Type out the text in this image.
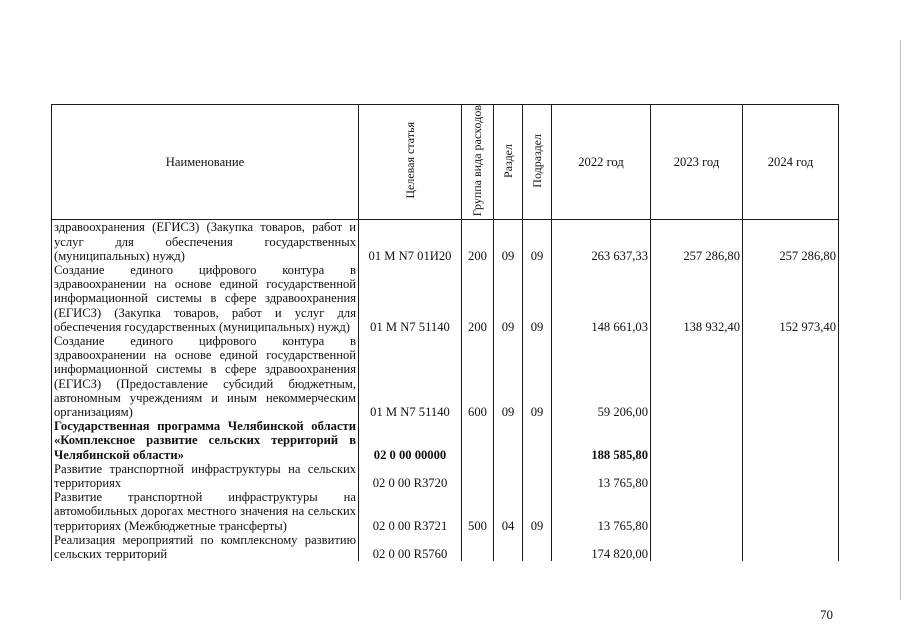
Наименование	Целевая статья	Группа вида расходов	Раздел	Подраздел	2022 год	2023 год	2024 год
здравоохранения (ЕГИСЗ) (Закупка товаров, работ и услуг для обеспечения государственных (муниципальных) нужд)	01 М N7 01И20	200	09	09	263 637,33	257 286,80	257 286,80
Создание единого цифрового контура в здравоохранении на основе единой государственной информационной системы в сфере здравоохранения (ЕГИСЗ) (Закупка товаров, работ и услуг для обеспечения государственных (муниципальных) нужд)	01 М N7 51140	200	09	09	148 661,03	138 932,40	152 973,40
Создание единого цифрового контура в здравоохранении на основе единой государственной информационной системы в сфере здравоохранения (ЕГИСЗ) (Предоставление субсидий бюджетным, автономным учреждениям и иным некоммерческим организациям)	01 М N7 51140	600	09	09	59 206,00		
Государственная программа Челябинской области «Комплексное развитие сельских территорий в Челябинской области»	02 0 00 00000				188 585,80		
Развитие транспортной инфраструктуры на сельских территориях	02 0 00 R3720				13 765,80		
Развитие транспортной инфраструктуры на автомобильных дорогах местного значения на сельских территориях (Межбюджетные трансферты)	02 0 00 R3721	500	04	09	13 765,80		
Реализация мероприятий по комплексному развитию сельских территорий	02 0 00 R5760				174 820,00		
70
